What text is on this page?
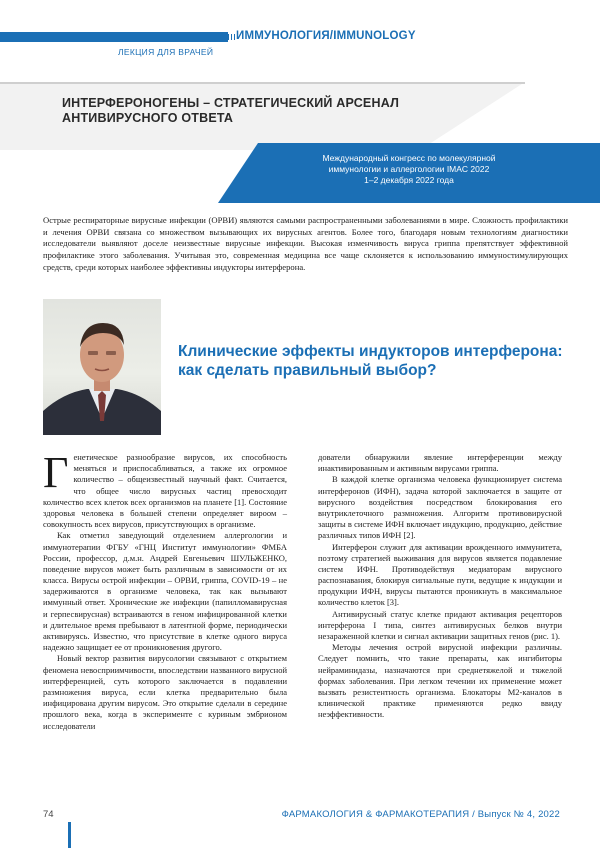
ИММУНОЛОГИЯ/IMMUNOLOGY
ЛЕКЦИЯ ДЛЯ ВРАЧЕЙ
ИНТЕРФЕРОНОГЕНЫ – СТРАТЕГИЧЕСКИЙ АРСЕНАЛ АНТИВИРУСНОГО ОТВЕТА
Международный конгресс по молекулярной
иммунологии и аллергологии IMAC 2022
1–2 декабря 2022 года
Острые респираторные вирусные инфекции (ОРВИ) являются самыми распространенными заболеваниями в мире. Сложность профилактики и лечения ОРВИ связана со множеством вызывающих их вирусных агентов. Более того, благодаря новым технологиям диагностики исследователи выявляют доселе неизвестные вирусные инфекции. Высокая изменчивость вируса гриппа препятствует эффективной профилактике этого заболевания. Учитывая это, современная медицина все чаще склоняется к использованию иммуностимулирующих средств, среди которых наиболее эффективны индукторы интерферона.
Клинические эффекты индукторов интерферона:
как сделать правильный выбор?

Генетическое разнообразие вирусов, их способность меняться и приспосабливаться, а также их огромное количество – общеизвестный научный факт. Считается, что общее число вирусных частиц превосходит количество всех клеток всех организмов на планете [1]. Состояние здоровья человека в большей степени определяет вироом – совокупность всех вирусов, присутствующих в организме.

Как отметил заведующий отделением аллергологии и иммунотерапии ФГБУ «ГНЦ Институт иммунологии» ФМБА России, профессор, д.м.н. Андрей Евгеньевич ШУЛЬЖЕНКО, поведение вирусов может быть различным в зависимости от их класса. Вирусы острой инфекции – ОРВИ, гриппа, COVID-19 – не задерживаются в организме человека, так как вызывают иммунный ответ. Хронические же инфекции (папилломавирусная и герпесвирусная) встраиваются в геном инфицированной клетки и длительное время пребывают в латентной форме, периодически активируясь. Известно, что присутствие в клетке одного вируса надежно защищает ее от проникновения другого.

Новый вектор развития вирусологии связывают с открытием феномена невосприимчивости, впоследствии названного вирусной интерференцией, суть которого заключается в подавлении размножения вируса, если клетка предварительно была инфицирована другим вирусом. Это открытие сделали в середине прошлого века, когда в эксперименте с куриным эмбрионом исследователи

дователи обнаружили явление интерференции между инактивированным и активным вирусами гриппа.

В каждой клетке организма человека функционирует система интерферонов (ИФН), задача которой заключается в защите от вирусного воздействия посредством блокирования его внутриклеточного размножения. Алгоритм противовирусной защиты в системе ИФН включает индукцию, продукцию, действие различных типов ИФН [2].

Интерферон служит для активации врожденного иммунитета, поэтому стратегией выживания для вирусов является подавление систем ИФН. Противодействуя медиаторам вирусного распознавания, блокируя сигнальные пути, ведущие к индукции и продукции ИФН, вирусы пытаются проникнуть в максимальное количество клеток [3].

Антивирусный статус клетке придают активация рецепторов интерферона I типа, синтез антивирусных белков внутри незараженной клетки и сигнал активации защитных генов (рис. 1).

Методы лечения острой вирусной инфекции различны. Следует помнить, что такие препараты, как ингибиторы нейраминидазы, назначаются при среднетяжелой и тяжелой формах заболевания. При легком течении их применение может вызвать резистентность организма. Блокаторы М2-каналов в клинической практике применяются редко ввиду неэффективности.

74	ФАРМАКОЛОГИЯ & ФАРМАКОТЕРАПИЯ / Выпуск № 4, 2022
